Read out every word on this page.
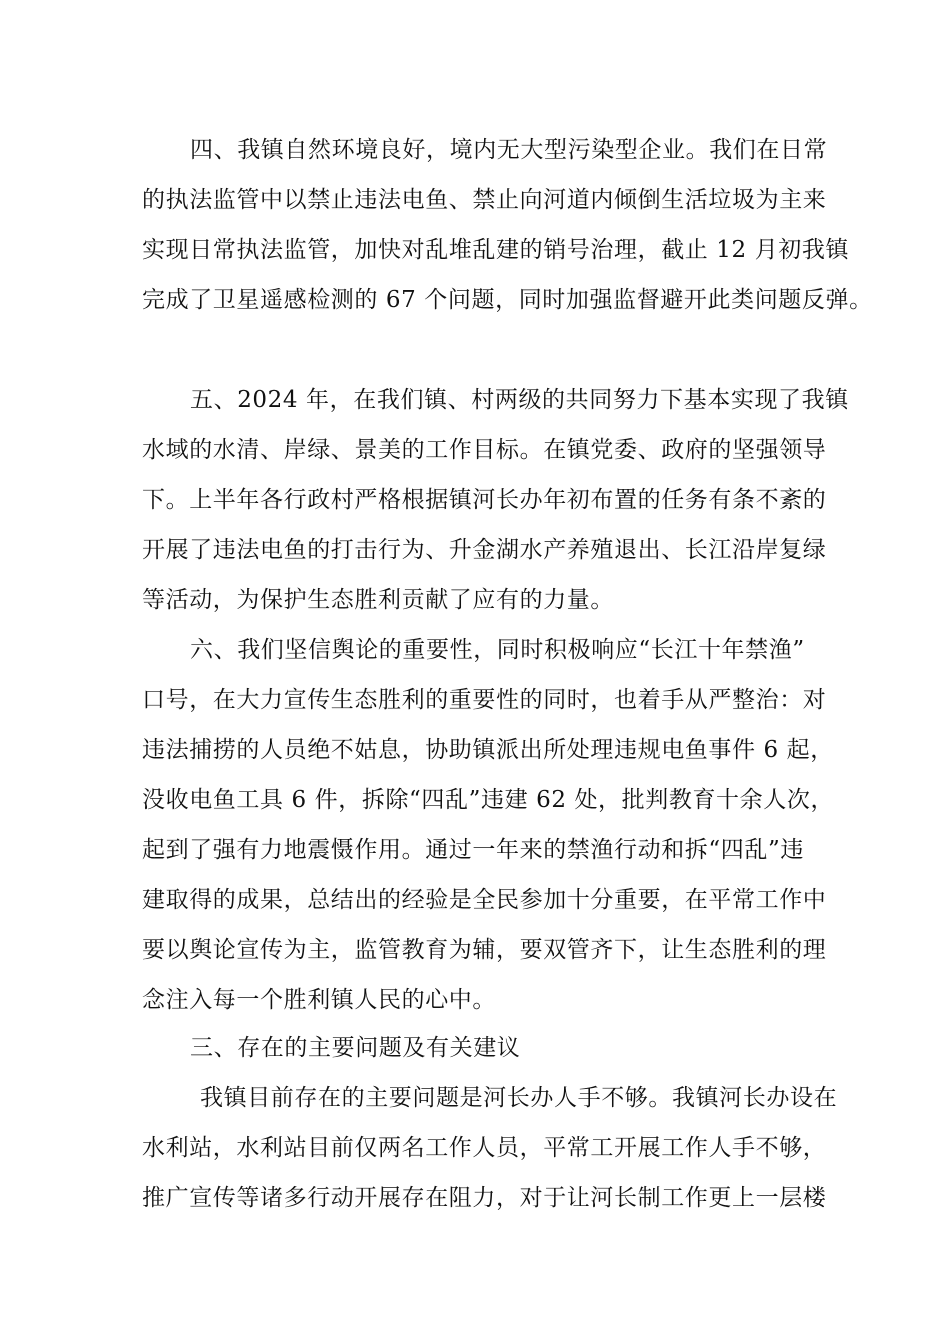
四、我镇自然环境良好，境内无大型污染型企业。我们在日常
的执法监管中以禁止违法电鱼、禁止向河道内倾倒生活垃圾为主来
实现日常执法监管，加快对乱堆乱建的销号治理，截止 12 月初我镇
完成了卫星遥感检测的 67 个问题，同时加强监督避开此类问题反弹。
五、2024 年，在我们镇、村两级的共同努力下基本实现了我镇
水域的水清、岸绿、景美的工作目标。在镇党委、政府的坚强领导
下。上半年各行政村严格根据镇河长办年初布置的任务有条不紊的
开展了违法电鱼的打击行为、升金湖水产养殖退出、长江沿岸复绿
等活动，为保护生态胜利贡献了应有的力量。
六、我们坚信舆论的重要性，同时积极响应“长江十年禁渔”
口号，在大力宣传生态胜利的重要性的同时，也着手从严整治：对
违法捕捞的人员绝不姑息，协助镇派出所处理违规电鱼事件 6 起，
没收电鱼工具 6 件，拆除“四乱”违建 62 处，批判教育十余人次，
起到了强有力地震慑作用。通过一年来的禁渔行动和拆“四乱”违
建取得的成果，总结出的经验是全民参加十分重要，在平常工作中
要以舆论宣传为主，监管教育为辅，要双管齐下，让生态胜利的理
念注入每一个胜利镇人民的心中。
三、存在的主要问题及有关建议
我镇目前存在的主要问题是河长办人手不够。我镇河长办设在
水利站，水利站目前仅两名工作人员，平常工开展工作人手不够，
推广宣传等诸多行动开展存在阻力，对于让河长制工作更上一层楼
